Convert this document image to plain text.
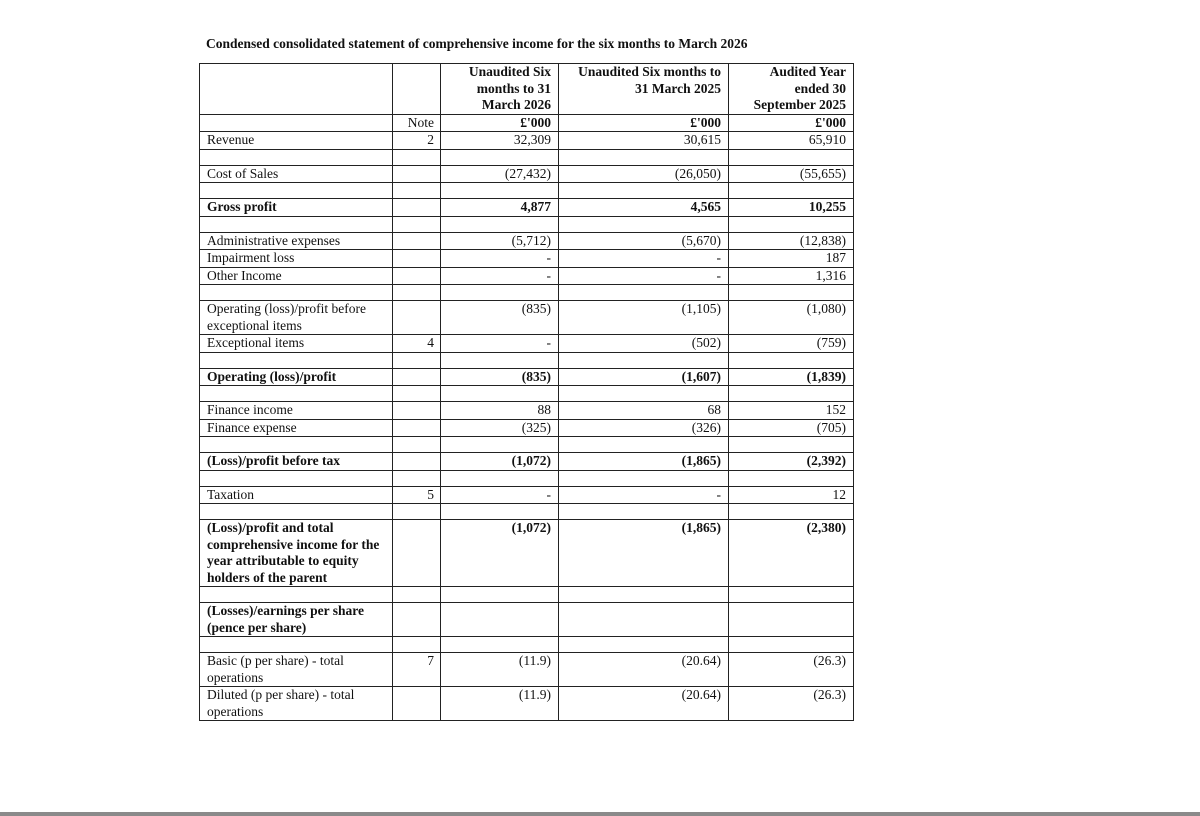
Condensed consolidated statement of comprehensive income for the six months to March 2026
		Unaudited Six months to 31 March 2026	Unaudited Six months to 31 March 2025	Audited Year ended 30 September 2025
	Note	£'000	£'000	£'000
Revenue	2	32,309	30,615	65,910

Cost of Sales		(27,432)	(26,050)	(55,655)

Gross profit		4,877	4,565	10,255

Administrative expenses		(5,712)	(5,670)	(12,838)
Impairment loss		-	-	187
Other Income		-	-	1,316

Operating (loss)/profit before exceptional items		(835)	(1,105)	(1,080)
Exceptional items	4	-	(502)	(759)

Operating (loss)/profit		(835)	(1,607)	(1,839)

Finance income		88	68	152
Finance expense		(325)	(326)	(705)

(Loss)/profit before tax		(1,072)	(1,865)	(2,392)

Taxation	5	-	-	12

(Loss)/profit and total comprehensive income for the year attributable to equity holders of the parent		(1,072)	(1,865)	(2,380)

(Losses)/earnings per share (pence per share)				

Basic (p per share) - total operations	7	(11.9)	(20.64)	(26.3)
Diluted (p per share) - total operations		(11.9)	(20.64)	(26.3)
